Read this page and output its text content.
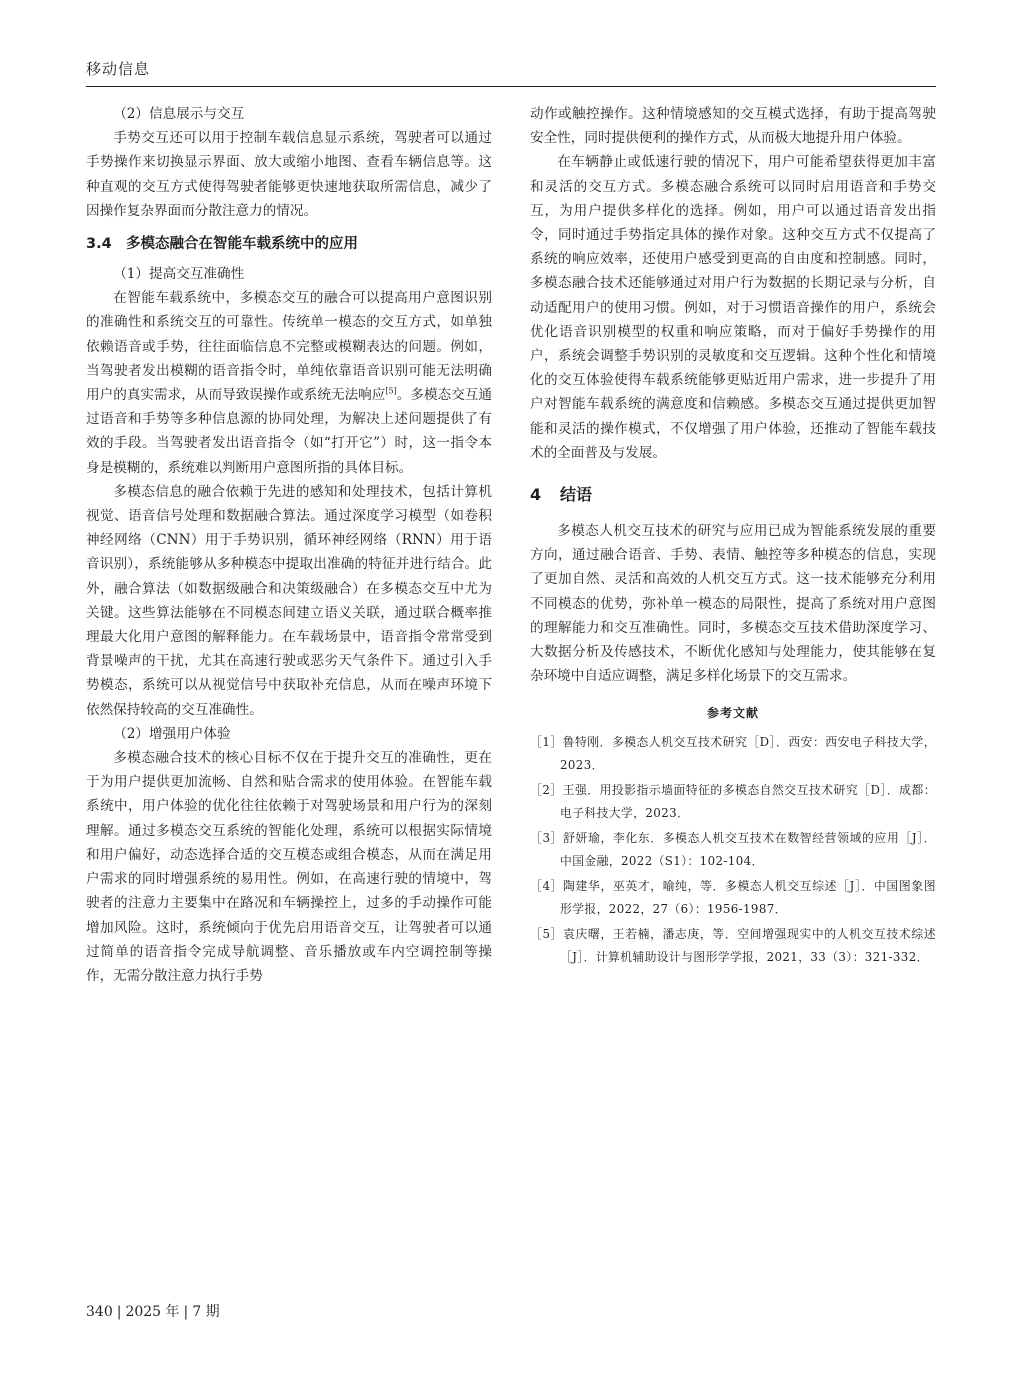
移动信息

（2）信息展示与交互

手势交互还可以用于控制车载信息显示系统，驾驶者可以通过手势操作来切换显示界面、放大或缩小地图、查看车辆信息等。这种直观的交互方式使得驾驶者能够更快速地获取所需信息，减少了因操作复杂界面而分散注意力的情况。

3.4 多模态融合在智能车载系统中的应用

（1）提高交互准确性

在智能车载系统中，多模态交互的融合可以提高用户意图识别的准确性和系统交互的可靠性。传统单一模态的交互方式，如单独依赖语音或手势，往往面临信息不完整或模糊表达的问题。例如，当驾驶者发出模糊的语音指令时，单纯依靠语音识别可能无法明确用户的真实需求，从而导致误操作或系统无法响应[5]。多模态交互通过语音和手势等多种信息源的协同处理，为解决上述问题提供了有效的手段。当驾驶者发出语音指令（如“打开它”）时，这一指令本身是模糊的，系统难以判断用户意图所指的具体目标。

多模态信息的融合依赖于先进的感知和处理技术，包括计算机视觉、语音信号处理和数据融合算法。通过深度学习模型（如卷积神经网络（CNN）用于手势识别，循环神经网络（RNN）用于语音识别），系统能够从多种模态中提取出准确的特征并进行结合。此外，融合算法（如数据级融合和决策级融合）在多模态交互中尤为关键。这些算法能够在不同模态间建立语义关联，通过联合概率推理最大化用户意图的解释能力。在车载场景中，语音指令常常受到背景噪声的干扰，尤其在高速行驶或恶劣天气条件下。通过引入手势模态，系统可以从视觉信号中获取补充信息，从而在噪声环境下依然保持较高的交互准确性。

（2）增强用户体验

多模态融合技术的核心目标不仅在于提升交互的准确性，更在于为用户提供更加流畅、自然和贴合需求的使用体验。在智能车载系统中，用户体验的优化往往依赖于对驾驶场景和用户行为的深刻理解。通过多模态交互系统的智能化处理，系统可以根据实际情境和用户偏好，动态选择合适的交互模态或组合模态，从而在满足用户需求的同时增强系统的易用性。例如，在高速行驶的情境中，驾驶者的注意力主要集中在路况和车辆操控上，过多的手动操作可能增加风险。这时，系统倾向于优先启用语音交互，让驾驶者可以通过简单的语音指令完成导航调整、音乐播放或车内空调控制等操作，无需分散注意力执行手势

动作或触控操作。这种情境感知的交互模式选择，有助于提高驾驶安全性，同时提供便利的操作方式，从而极大地提升用户体验。

在车辆静止或低速行驶的情况下，用户可能希望获得更加丰富和灵活的交互方式。多模态融合系统可以同时启用语音和手势交互，为用户提供多样化的选择。例如，用户可以通过语音发出指令，同时通过手势指定具体的操作对象。这种交互方式不仅提高了系统的响应效率，还使用户感受到更高的自由度和控制感。同时，多模态融合技术还能够通过对用户行为数据的长期记录与分析，自动适配用户的使用习惯。例如，对于习惯语音操作的用户，系统会优化语音识别模型的权重和响应策略，而对于偏好手势操作的用户，系统会调整手势识别的灵敏度和交互逻辑。这种个性化和情境化的交互体验使得车载系统能够更贴近用户需求，进一步提升了用户对智能车载系统的满意度和信赖感。多模态交互通过提供更加智能和灵活的操作模式，不仅增强了用户体验，还推动了智能车载技术的全面普及与发展。

4 结语

多模态人机交互技术的研究与应用已成为智能系统发展的重要方向，通过融合语音、手势、表情、触控等多种模态的信息，实现了更加自然、灵活和高效的人机交互方式。这一技术能够充分利用不同模态的优势，弥补单一模态的局限性，提高了系统对用户意图的理解能力和交互准确性。同时，多模态交互技术借助深度学习、大数据分析及传感技术，不断优化感知与处理能力，使其能够在复杂环境中自适应调整，满足多样化场景下的交互需求。

参考文献

［1］鲁特刚．多模态人机交互技术研究［D］．西安：西安电子科技大学，2023．

［2］王强．用投影指示墙面特征的多模态自然交互技术研究［D］．成都：电子科技大学，2023．

［3］舒妍瑜，李化东．多模态人机交互技术在数智经营领域的应用［J］．中国金融，2022（S1）：102-104．

［4］陶建华，巫英才，喻纯，等．多模态人机交互综述［J］．中国图象图形学报，2022，27（6）：1956-1987．

［5］袁庆曙，王若楠，潘志庚，等．空间增强现实中的人机交互技术综述［J］．计算机辅助设计与图形学学报，2021，33（3）：321-332．

340 | 2025 年 | 7 期
